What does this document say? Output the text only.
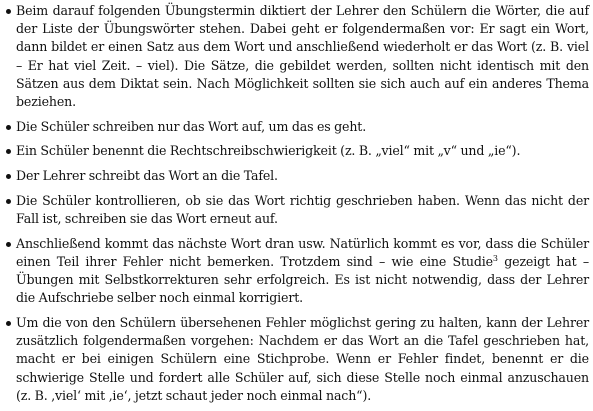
Beim darauf folgenden Übungstermin diktiert der Lehrer den Schülern die Wörter, die auf der Liste der Übungswörter stehen. Dabei geht er folgendermaßen vor: Er sagt ein Wort, dann bildet er einen Satz aus dem Wort und anschließend wiederholt er das Wort (z. B. viel – Er hat viel Zeit. – viel). Die Sätze, die gebildet werden, sollten nicht identisch mit den Sätzen aus dem Diktat sein. Nach Möglichkeit sollten sie sich auch auf ein anderes Thema beziehen.
Die Schüler schreiben nur das Wort auf, um das es geht.
Ein Schüler benennt die Rechtschreibschwierigkeit (z. B. „viel“ mit „v“ und „ie“).
Der Lehrer schreibt das Wort an die Tafel.
Die Schüler kontrollieren, ob sie das Wort richtig geschrieben haben. Wenn das nicht der Fall ist, schreiben sie das Wort erneut auf.
Anschließend kommt das nächste Wort dran usw. Natürlich kommt es vor, dass die Schüler einen Teil ihrer Fehler nicht bemerken. Trotzdem sind – wie eine Studie$^3$ gezeigt hat – Übungen mit Selbstkorrekturen sehr erfolgreich. Es ist nicht notwendig, dass der Lehrer die Aufschriebe selber noch einmal korrigiert.
Um die von den Schülern übersehenen Fehler möglichst gering zu halten, kann der Lehrer zusätzlich folgendermaßen vorgehen: Nachdem er das Wort an die Tafel geschrieben hat, macht er bei einigen Schülern eine Stichprobe. Wenn er Fehler findet, benennt er die schwierige Stelle und fordert alle Schüler auf, sich diese Stelle noch einmal anzuschauen (z. B. ‚viel‘ mit ‚ie‘, jetzt schaut jeder noch einmal nach“).
